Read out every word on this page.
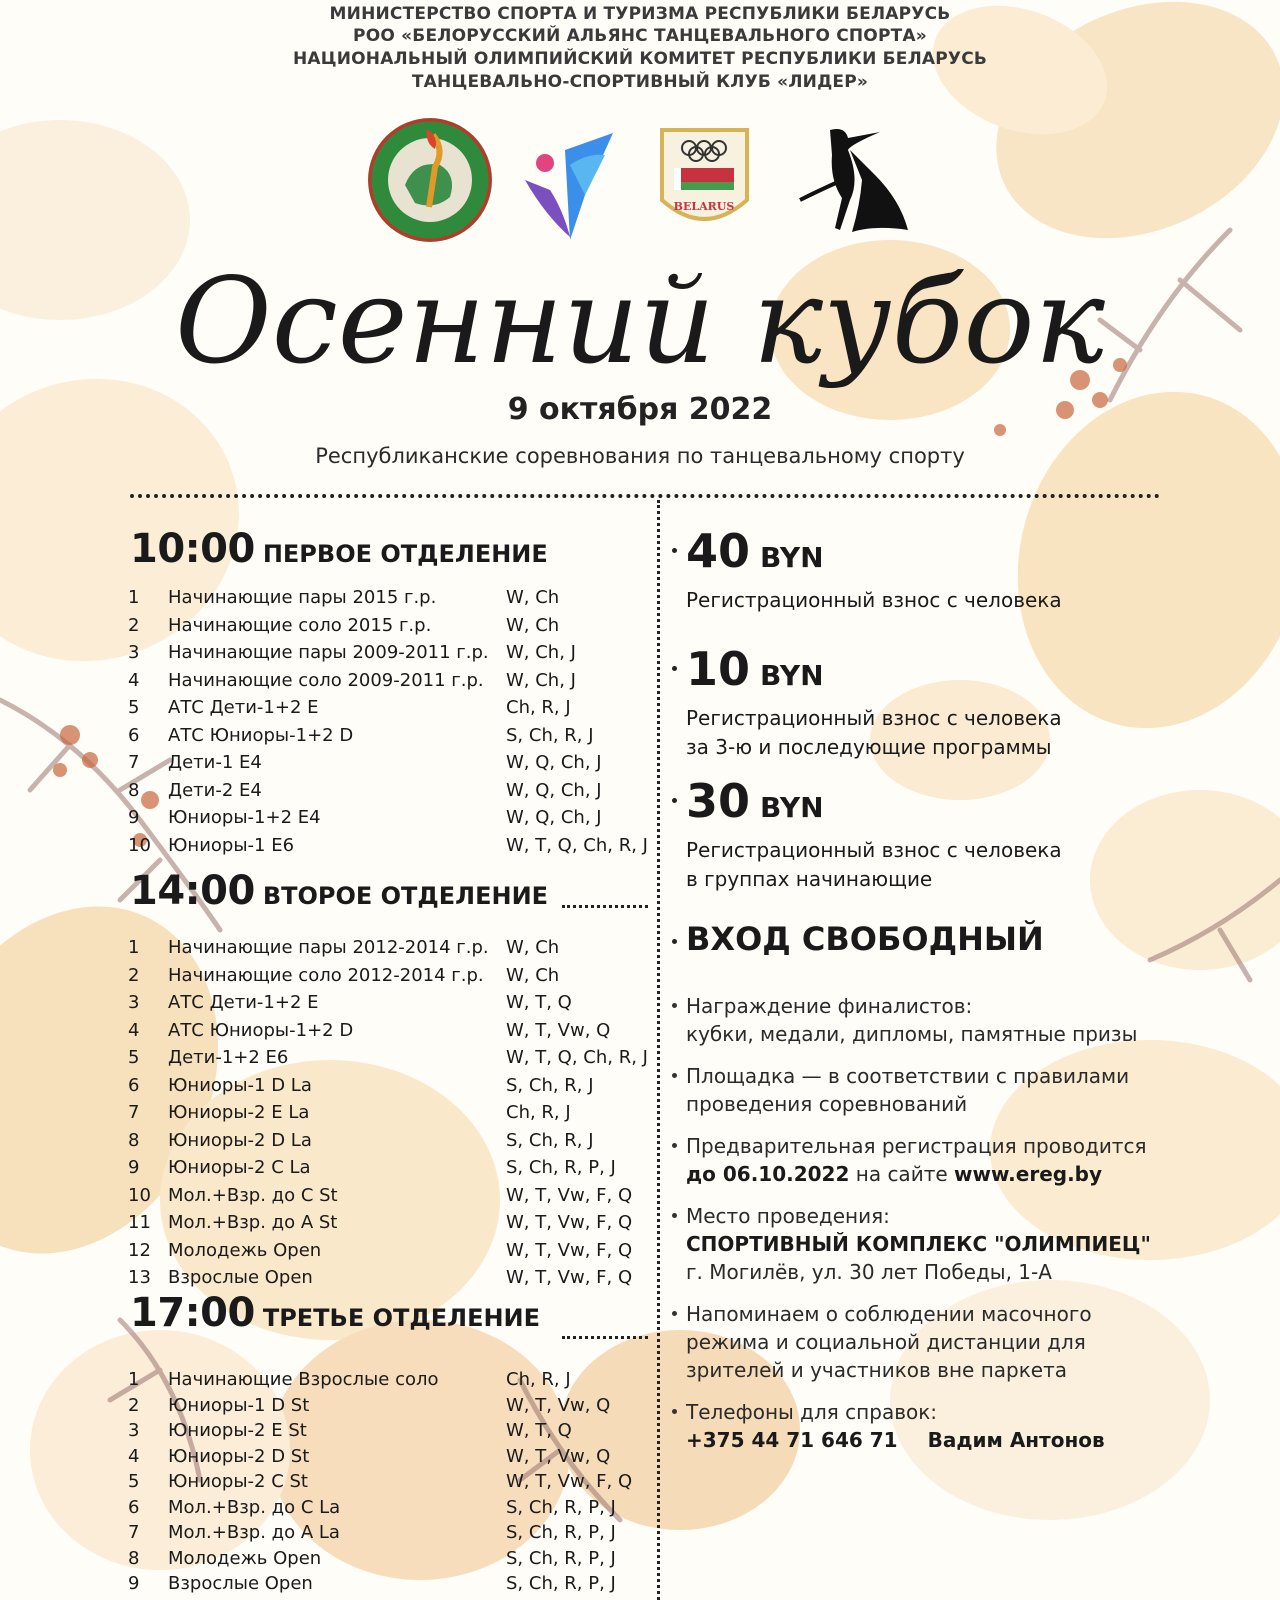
МИНИСТЕРСТВО СПОРТА И ТУРИЗМА РЕСПУБЛИКИ БЕЛАРУСЬ
РОО «БЕЛОРУССКИЙ АЛЬЯНС ТАНЦЕВАЛЬНОГО СПОРТА»
НАЦИОНАЛЬНЫЙ ОЛИМПИЙСКИЙ КОМИТЕТ РЕСПУБЛИКИ БЕЛАРУСЬ
ТАНЦЕВАЛЬНО-СПОРТИВНЫЙ КЛУБ «ЛИДЕР»
BELARUS
Осенний кубок
9 октября 2022
Республиканские соревнования по танцевальному спорту
10:00 ПЕРВОЕ ОТДЕЛЕНИЕ
1 Начинающие пары 2015 г.р.	W, Ch
2 Начинающие соло 2015 г.р.	W, Ch
3 Начинающие пары 2009-2011 г.р. W, Ch, J
4 Начинающие соло 2009-2011 г.р. W, Ch, J
5 АТС Дети-1+2 Е	Ch, R, J
6 АТС Юниоры-1+2 D	S, Ch, R, J
7 Дети-1 Е4	W, Q, Ch, J
8 Дети-2 Е4	W, Q, Ch, J
9 Юниоры-1+2 Е4	W, Q, Ch, J
10 Юниоры-1 Е6	W, T, Q, Ch, R, J
14:00 ВТОРОЕ ОТДЕЛЕНИЕ
1 Начинающие пары 2012-2014 г.р. W, Ch
2 Начинающие соло 2012-2014 г.р. W, Ch
3 АТС Дети-1+2 Е	W, T, Q
4 АТС Юниоры-1+2 D	W, T, Vw, Q
5 Дети-1+2 Е6	W, T, Q, Ch, R, J
6 Юниоры-1 D La	S, Ch, R, J
7 Юниоры-2 E La	Ch, R, J
8 Юниоры-2 D La	S, Ch, R, J
9 Юниоры-2 C La	S, Ch, R, P, J
10 Мол.+Взр. до С St	W, T, Vw, F, Q
11 Мол.+Взр. до А St	W, T, Vw, F, Q
12 Молодежь Open	W, T, Vw, F, Q
13 Взрослые Open	W, T, Vw, F, Q
17:00 ТРЕТЬЕ ОТДЕЛЕНИЕ
1 Начинающие Взрослые соло	Ch, R, J
2 Юниоры-1 D St	W, T, Vw, Q
3 Юниоры-2 E St	W, T, Q
4 Юниоры-2 D St	W, T, Vw, Q
5 Юниоры-2 C St	W, T, Vw, F, Q
6 Мол.+Взр. до С La	S, Ch, R, P, J
7 Мол.+Взр. до А La	S, Ch, R, P, J
8 Молодежь Open	S, Ch, R, P, J
9 Взрослые Open	S, Ch, R, P, J
40 BYN
Регистрационный взнос с человека
10 BYN
Регистрационный взнос с человека
за 3-ю и последующие программы
30 BYN
Регистрационный взнос с человека
в группах начинающие
ВХОД СВОБОДНЫЙ
Награждение финалистов:
кубки, медали, дипломы, памятные призы
Площадка — в соответствии с правилами
проведения соревнований
Предварительная регистрация проводится
до 06.10.2022 на сайте www.ereg.by
Место проведения:
СПОРТИВНЫЙ КОМПЛЕКС "ОЛИМПИЕЦ"
г. Могилёв, ул. 30 лет Победы, 1-А
Напоминаем о соблюдении масочного
режима и социальной дистанции для
зрителей и участников вне паркета
Телефоны для справок:
+375 44 71 646 71 Вадим Антонов
